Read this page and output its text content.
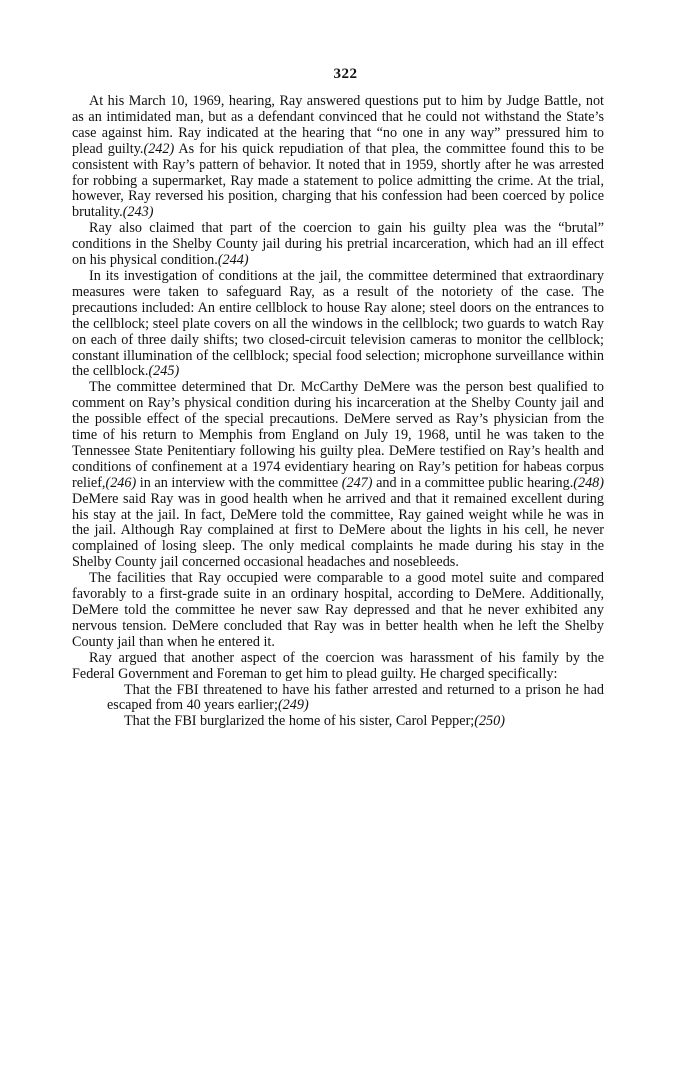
322

At his March 10, 1969, hearing, Ray answered questions put to him by Judge Battle, not as an intimidated man, but as a defendant convinced that he could not withstand the State’s case against him. Ray indicated at the hearing that “no one in any way” pressured him to plead guilty.(242) As for his quick repudiation of that plea, the committee found this to be consistent with Ray’s pattern of behavior. It noted that in 1959, shortly after he was arrested for robbing a supermarket, Ray made a statement to police admitting the crime. At the trial, however, Ray reversed his position, charging that his confession had been coerced by police brutality.(243)

Ray also claimed that part of the coercion to gain his guilty plea was the “brutal” conditions in the Shelby County jail during his pretrial incarceration, which had an ill effect on his physical condition.(244)

In its investigation of conditions at the jail, the committee determined that extraordinary measures were taken to safeguard Ray, as a result of the notoriety of the case. The precautions included: An entire cellblock to house Ray alone; steel doors on the entrances to the cellblock; steel plate covers on all the windows in the cellblock; two guards to watch Ray on each of three daily shifts; two closed-circuit television cameras to monitor the cellblock; constant illumination of the cellblock; special food selection; microphone surveillance within the cellblock.(245)

The committee determined that Dr. McCarthy DeMere was the person best qualified to comment on Ray’s physical condition during his incarceration at the Shelby County jail and the possible effect of the special precautions. DeMere served as Ray’s physician from the time of his return to Memphis from England on July 19, 1968, until he was taken to the Tennessee State Penitentiary following his guilty plea. DeMere testified on Ray’s health and conditions of confinement at a 1974 evidentiary hearing on Ray’s petition for habeas corpus relief,(246) in an interview with the committee (247) and in a committee public hearing.(248) DeMere said Ray was in good health when he arrived and that it remained excellent during his stay at the jail. In fact, DeMere told the committee, Ray gained weight while he was in the jail. Although Ray complained at first to DeMere about the lights in his cell, he never complained of losing sleep. The only medical complaints he made during his stay in the Shelby County jail concerned occasional headaches and nosebleeds.

The facilities that Ray occupied were comparable to a good motel suite and compared favorably to a first-grade suite in an ordinary hospital, according to DeMere. Additionally, DeMere told the committee he never saw Ray depressed and that he never exhibited any nervous tension. DeMere concluded that Ray was in better health when he left the Shelby County jail than when he entered it.

Ray argued that another aspect of the coercion was harassment of his family by the Federal Government and Foreman to get him to plead guilty. He charged specifically:

That the FBI threatened to have his father arrested and returned to a prison he had escaped from 40 years earlier;(249)

That the FBI burglarized the home of his sister, Carol Pepper;(250)
